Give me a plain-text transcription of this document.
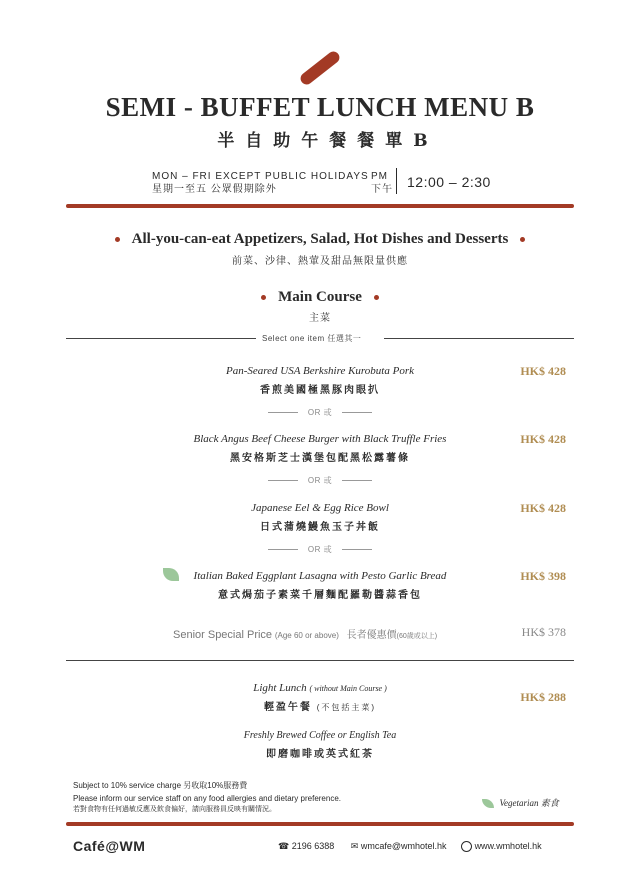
SEMI - BUFFET LUNCH MENU B
半自助午餐餐單B
MON – FRI EXCEPT PUBLIC HOLIDAYS
星期一至五 公眾假期除外
PM
下午 12:00 – 2:30
All-you-can-eat Appetizers, Salad, Hot Dishes and Desserts
前菜、沙律、熱葷及甜品無限量供應
Main Course
主菜
Select one item 任選其一
Pan-Seared USA Berkshire Kurobuta Pork
香煎美國極黑豚肉眼扒
HK$ 428
OR 或
Black Angus Beef Cheese Burger with Black Truffle Fries
黑安格斯芝士漢堡包配黑松露薯條
HK$ 428
OR 或
Japanese Eel & Egg Rice Bowl
日式蒲燒鰻魚玉子丼飯
HK$ 428
OR 或
Italian Baked Eggplant Lasagna with Pesto Garlic Bread
意式焗茄子素菜千層麵配羅勒醬蒜香包
HK$ 398
Senior Special Price (Age 60 or above) 長者優惠價(60歲或以上)	HK$ 378
Light Lunch ( without Main Course )
輕盈午餐 (不包括主菜)
HK$ 288
Freshly Brewed Coffee or English Tea
即磨咖啡或英式紅茶
Subject to 10% service charge 另收取10%服務費
Please inform our service staff on any food allergies and dietary preference.
若對食物有任何過敏反應及飲食偏好，請向服務員反映有關情況。
Vegetarian 素食
Café@WM	☎ 2196 6388 ✉ wmcafe@wmhotel.hk	www.wmhotel.hk
